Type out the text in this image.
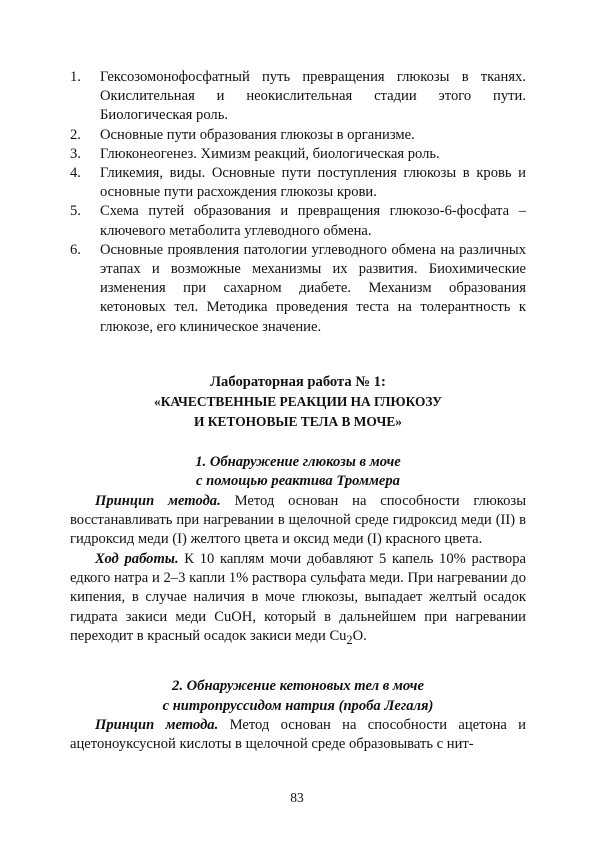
1.	Гексозомонофосфатный путь превращения глюкозы в тканях. Окислительная и неокислительная стадии этого пути. Биологическая роль.
2.	Основные пути образования глюкозы в организме.
3.	Глюконеогенез. Химизм реакций, биологическая роль.
4.	Гликемия, виды. Основные пути поступления глюкозы в кровь и основные пути расхождения глюкозы крови.
5.	Схема путей образования и превращения глюкозо-6-фосфата – ключевого метаболита углеводного обмена.
6.	Основные проявления патологии углеводного обмена на различных этапах и возможные механизмы их развития. Биохимические изменения при сахарном диабете. Механизм образования кетоновых тел. Методика проведения теста на толерантность к глюкозе, его клиническое значение.
Лабораторная работа № 1:

«КАЧЕСТВЕННЫЕ РЕАКЦИИ НА ГЛЮКОЗУ

И КЕТОНОВЫЕ ТЕЛА В МОЧЕ»

1. Обнаружение глюкозы в моче
с помощью реактива Троммера

Принцип метода. Метод основан на способности глюкозы восстанавливать при нагревании в щелочной среде гидроксид меди (II) в гидроксид меди (I) желтого цвета и оксид меди (I) красного цвета.

Ход работы. К 10 каплям мочи добавляют 5 капель 10% раствора едкого натра и 2–3 капли 1% раствора сульфата меди. При нагревании до кипения, в случае наличия в моче глюкозы, выпадает желтый осадок гидрата закиси меди CuOH, который в дальнейшем при нагревании переходит в красный осадок закиси меди $Cu_2O$.

2. Обнаружение кетоновых тел в моче
с нитропруссидом натрия (проба Легаля)

Принцип метода. Метод основан на способности ацетона и ацетоноуксусной кислоты в щелочной среде образовывать с нит-

83
